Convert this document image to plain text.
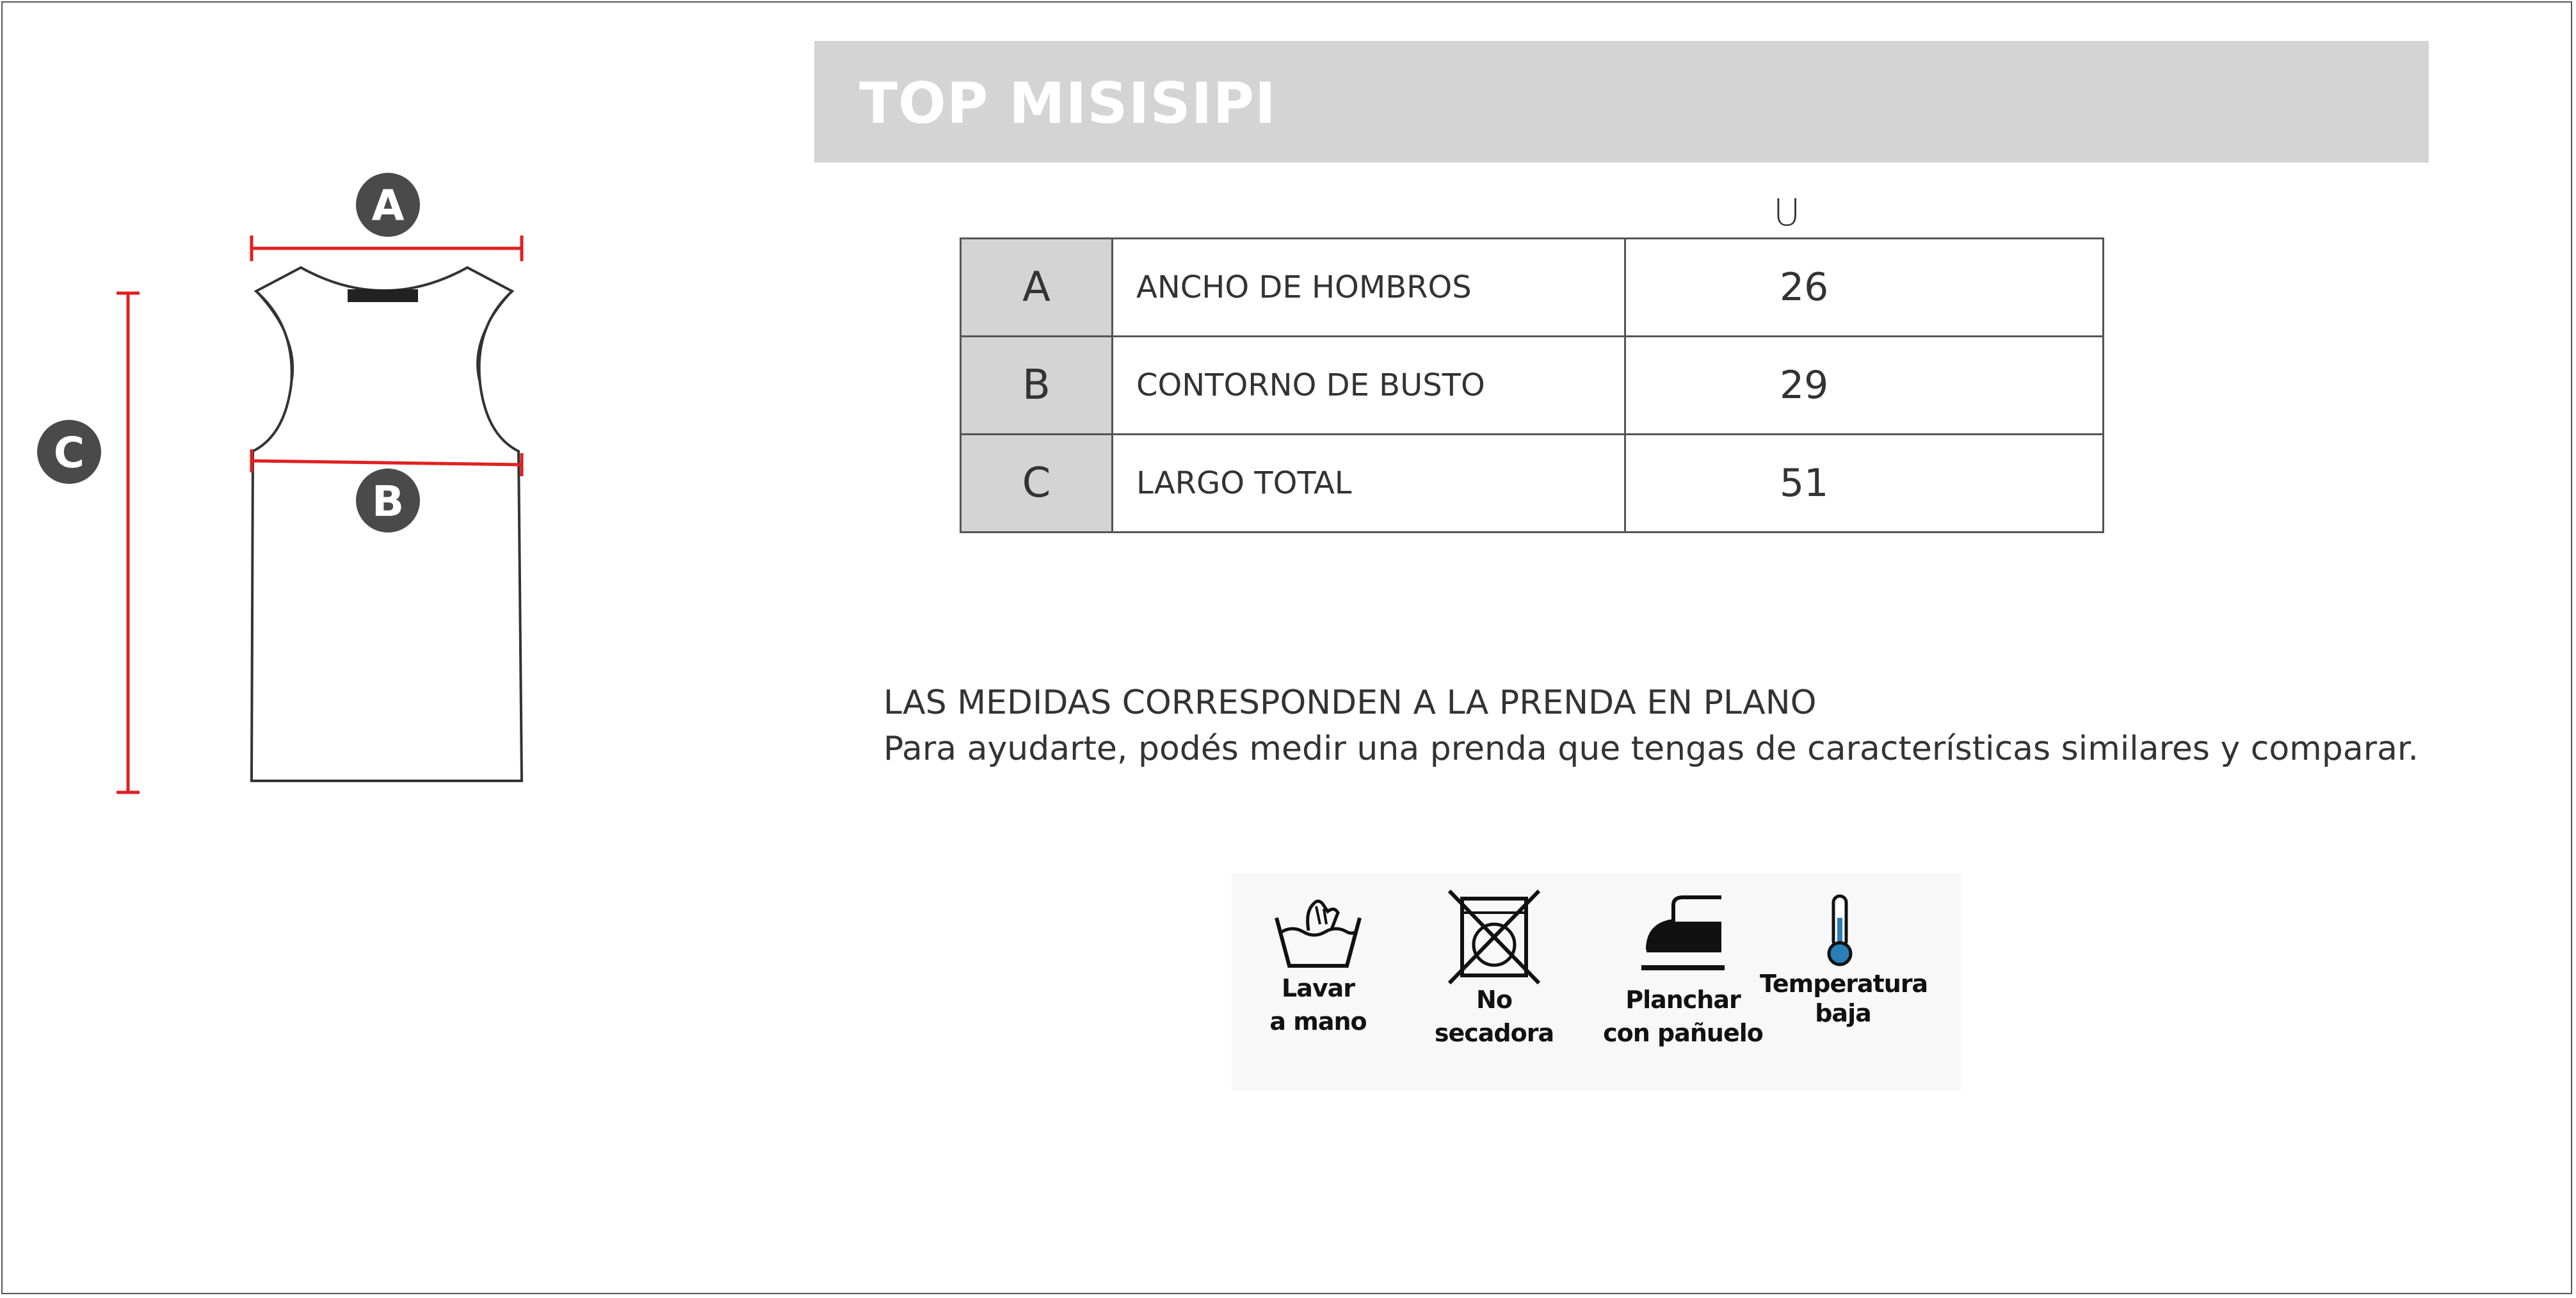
A
B
C
TOP MISISIPI
U
A	ANCHO DE HOMBROS	26
B	CONTORNO DE BUSTO	29
C	LARGO TOTAL	51
LAS MEDIDAS CORRESPONDEN A LA PRENDA EN PLANO
Para ayudarte, podés medir una prenda que tengas de características similares y comparar.
Lavar
a mano
No
secadora
Planchar
con pañuelo
Temperatura
baja
